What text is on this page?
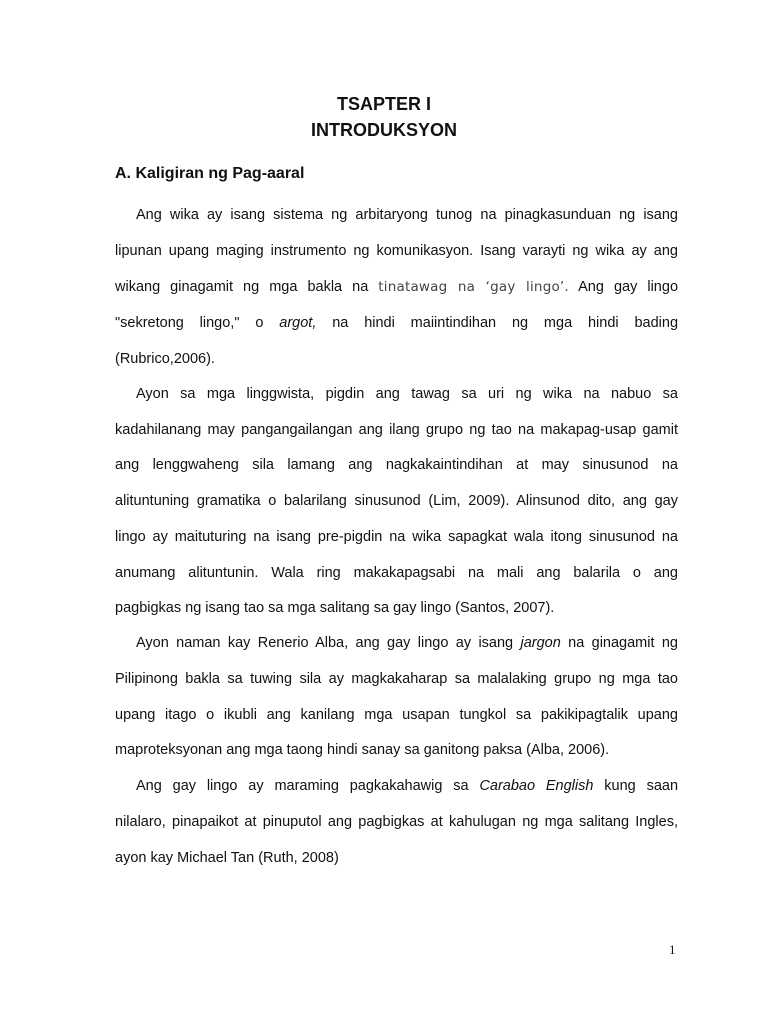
TSAPTER I
INTRODUKSYON
A. Kaligiran ng Pag-aaral
Ang wika ay isang sistema ng arbitaryong tunog na pinagkasunduan ng isang
lipunan upang maging instrumento ng komunikasyon. Isang varayti ng wika ay ang
wikang ginagamit ng mga bakla na tinatawag na ‘gay lingo’. Ang gay lingo
"sekretong lingo," o argot, na hindi maiintindihan ng mga hindi bading
(Rubrico,2006).
Ayon sa mga linggwista, pigdin ang tawag sa uri ng wika na nabuo sa
kadahilanang may pangangailangan ang ilang grupo ng tao na makapag-usap gamit
ang lenggwaheng sila lamang ang nagkakaintindihan at may sinusunod na
alituntuning gramatika o balarilang sinusunod (Lim, 2009). Alinsunod dito, ang gay
lingo ay maituturing na isang pre-pigdin na wika sapagkat wala itong sinusunod na
anumang alituntunin. Wala ring makakapagsabi na mali ang balarila o ang
pagbigkas ng isang tao sa mga salitang sa gay lingo (Santos, 2007).
Ayon naman kay Renerio Alba, ang gay lingo ay isang jargon na ginagamit ng
Pilipinong bakla sa tuwing sila ay magkakaharap sa malalaking grupo ng mga tao
upang itago o ikubli ang kanilang mga usapan tungkol sa pakikipagtalik upang
maproteksyonan ang mga taong hindi sanay sa ganitong paksa (Alba, 2006).
Ang gay lingo ay maraming pagkakahawig sa Carabao English kung saan
nilalaro, pinapaikot at pinuputol ang pagbigkas at kahulugan ng mga salitang Ingles,
ayon kay Michael Tan (Ruth, 2008)
1
